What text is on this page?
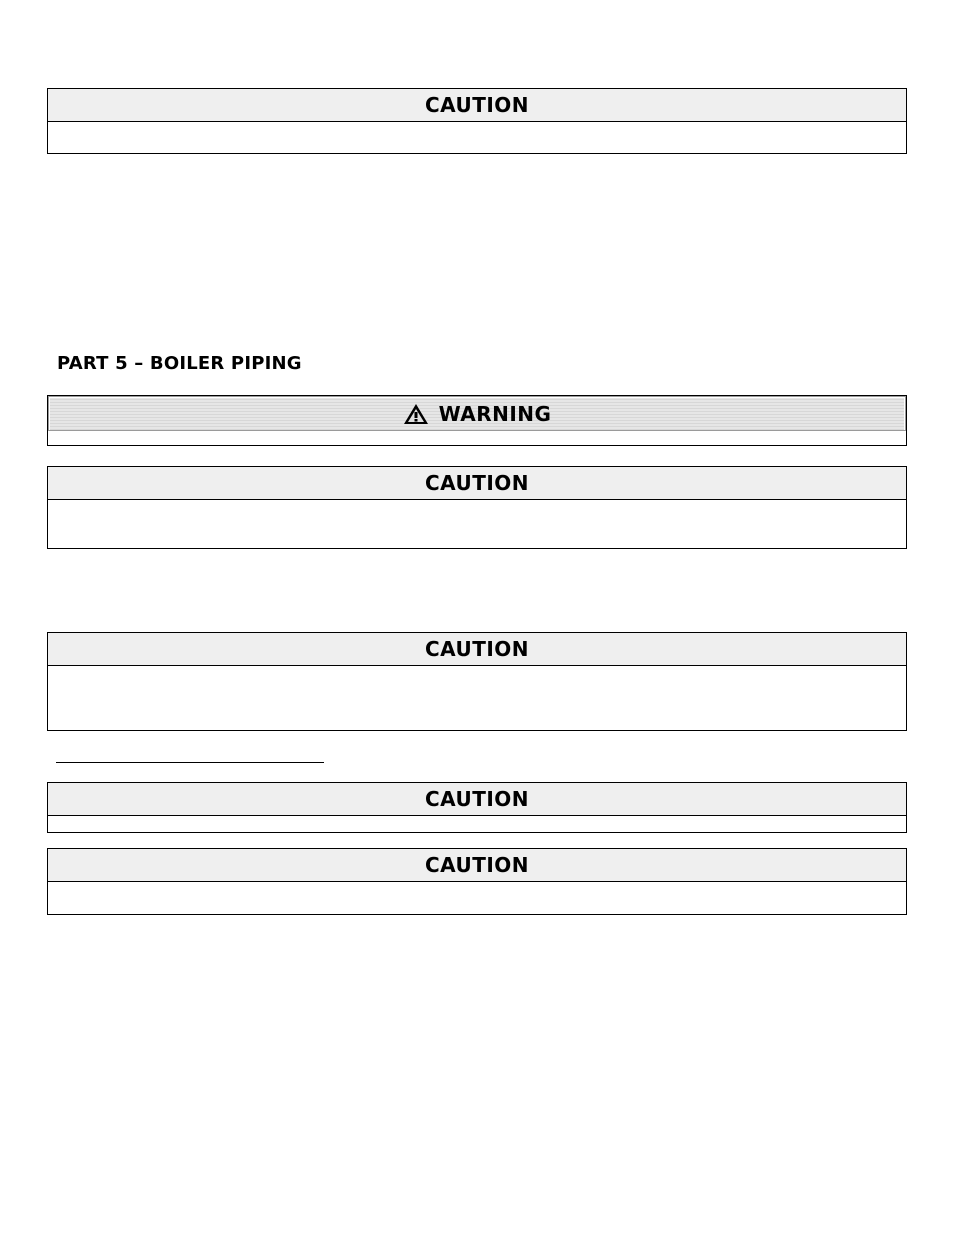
CAUTION
PART 5 – BOILER PIPING
WARNING
CAUTION
CAUTION
CAUTION
CAUTION
